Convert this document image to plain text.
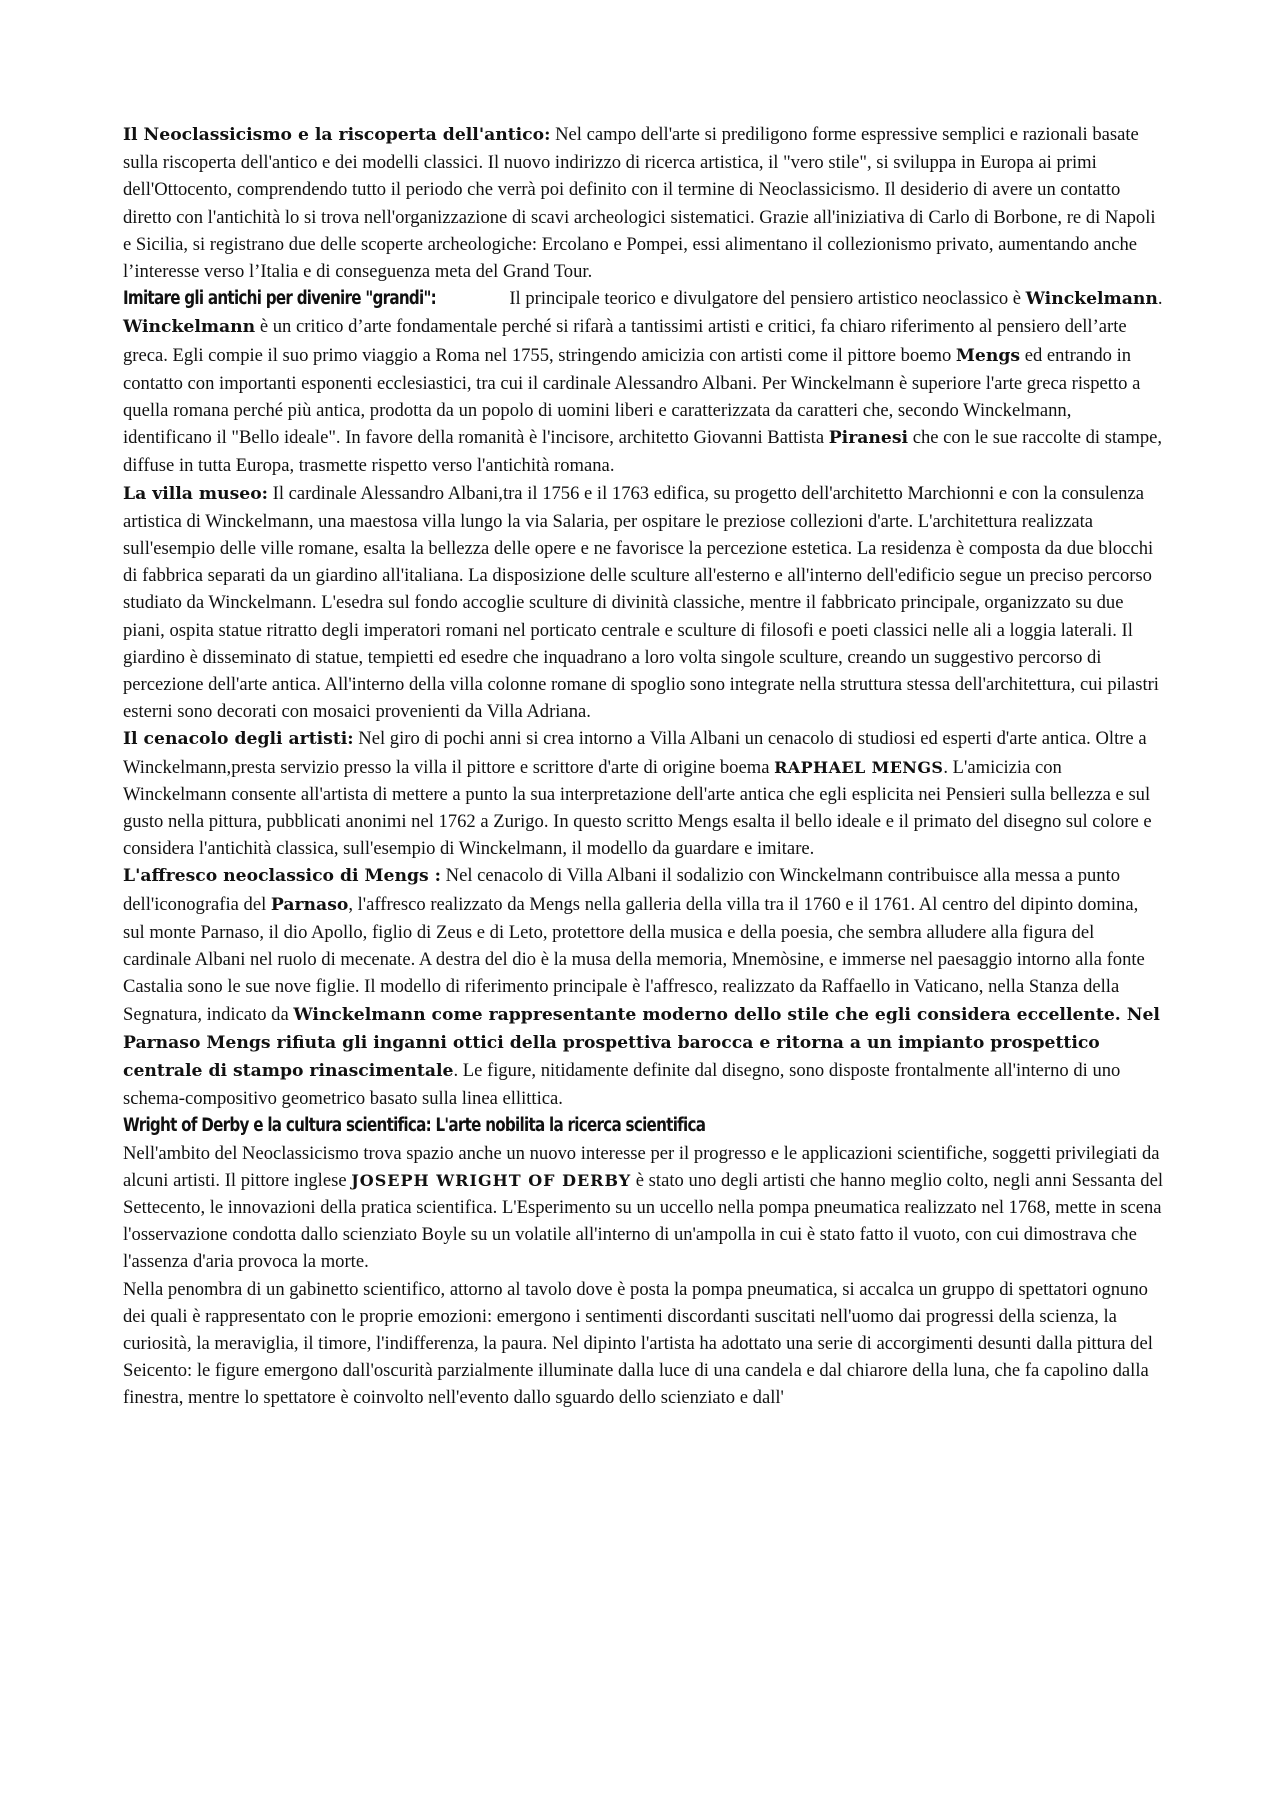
Il Neoclassicismo e la riscoperta dell'antico: Nel campo dell'arte si prediligono forme espressive semplici e razionali basate sulla riscoperta dell'antico e dei modelli classici. Il nuovo indirizzo di ricerca artistica, il "vero stile", si sviluppa in Europa ai primi dell'Ottocento, comprendendo tutto il periodo che verrà poi definito con il termine di Neoclassicismo. Il desiderio di avere un contatto diretto con l'antichità lo si trova nell'organizzazione di scavi archeologici sistematici. Grazie all'iniziativa di Carlo di Borbone, re di Napoli e Sicilia, si registrano due delle scoperte archeologiche: Ercolano e Pompei, essi alimentano il collezionismo privato, aumentando anche l’interesse verso l’Italia e di conseguenza meta del Grand Tour.

Imitare gli antichi per divenire "grandi":	Il principale teorico e divulgatore del pensiero artistico neoclassico è Winckelmann. Winckelmann è un critico d’arte fondamentale perché si rifarà a tantissimi artisti e critici, fa chiaro riferimento al pensiero dell’arte greca. Egli compie il suo primo viaggio a Roma nel 1755, stringendo amicizia con artisti come il pittore boemo Mengs ed entrando in contatto con importanti esponenti ecclesiastici, tra cui il cardinale Alessandro Albani. Per Winckelmann è superiore l'arte greca rispetto a quella romana perché più antica, prodotta da un popolo di uomini liberi e caratterizzata da caratteri che, secondo Winckelmann, identificano il "Bello ideale". In favore della romanità è l'incisore, architetto Giovanni Battista Piranesi che con le sue raccolte di stampe, diffuse in tutta Europa, trasmette rispetto verso l'antichità romana.

La villa museo: Il cardinale Alessandro Albani,tra il 1756 e il 1763 edifica, su progetto dell'architetto Marchionni e con la consulenza artistica di Winckelmann, una maestosa villa lungo la via Salaria, per ospitare le preziose collezioni d'arte. L'architettura realizzata sull'esempio delle ville romane, esalta la bellezza delle opere e ne favorisce la percezione estetica. La residenza è composta da due blocchi di fabbrica separati da un giardino all'italiana. La disposizione delle sculture all'esterno e all'interno dell'edificio segue un preciso percorso studiato da Winckelmann. L'esedra sul fondo accoglie sculture di divinità classiche, mentre il fabbricato principale, organizzato su due piani, ospita statue ritratto degli imperatori romani nel porticato centrale e sculture di filosofi e poeti classici nelle ali a loggia laterali. Il giardino è disseminato di statue, tempietti ed esedre che inquadrano a loro volta singole sculture, creando un suggestivo percorso di percezione dell'arte antica. All'interno della villa colonne romane di spoglio sono integrate nella struttura stessa dell'architettura, cui pilastri esterni sono decorati con mosaici provenienti da Villa Adriana.

Il cenacolo degli artisti: Nel giro di pochi anni si crea intorno a Villa Albani un cenacolo di studiosi ed esperti d'arte antica. Oltre a Winckelmann,presta servizio presso la villa il pittore e scrittore d'arte di origine boema RAPHAEL MENGS. L'amicizia con Winckelmann consente all'artista di mettere a punto la sua interpretazione dell'arte antica che egli esplicita nei Pensieri sulla bellezza e sul gusto nella pittura, pubblicati anonimi nel 1762 a Zurigo. In questo scritto Mengs esalta il bello ideale e il primato del disegno sul colore e considera l'antichità classica, sull'esempio di Winckelmann, il modello da guardare e imitare.

L'affresco neoclassico di Mengs : Nel cenacolo di Villa Albani il sodalizio con Winckelmann contribuisce alla messa a punto dell'iconografia del Parnaso, l'affresco realizzato da Mengs nella galleria della villa tra il 1760 e il 1761. Al centro del dipinto domina, sul monte Parnaso, il dio Apollo, figlio di Zeus e di Leto, protettore della musica e della poesia, che sembra alludere alla figura del cardinale Albani nel ruolo di mecenate. A destra del dio è la musa della memoria, Mnemòsine, e immerse nel paesaggio intorno alla fonte Castalia sono le sue nove figlie. Il modello di riferimento principale è l'affresco, realizzato da Raffaello in Vaticano, nella Stanza della Segnatura, indicato da Winckelmann come rappresentante moderno dello stile che egli considera eccellente. Nel Parnaso Mengs rifiuta gli inganni ottici della prospettiva barocca e ritorna a un impianto prospettico centrale di stampo rinascimentale. Le figure, nitidamente definite dal disegno, sono disposte frontalmente all'interno di uno schema-compositivo geometrico basato sulla linea ellittica.

Wright of Derby e la cultura scientifica: L'arte nobilita la ricerca scientifica

Nell'ambito del Neoclassicismo trova spazio anche un nuovo interesse per il progresso e le applicazioni scientifiche, soggetti privilegiati da alcuni artisti. Il pittore inglese JOSEPH WRIGHT OF DERBY è stato uno degli artisti che hanno meglio colto, negli anni Sessanta del Settecento, le innovazioni della pratica scientifica. L'Esperimento su un uccello nella pompa pneumatica realizzato nel 1768, mette in scena l'osservazione condotta dallo scienziato Boyle su un volatile all'interno di un'ampolla in cui è stato fatto il vuoto, con cui dimostrava che l'assenza d'aria provoca la morte.

Nella penombra di un gabinetto scientifico, attorno al tavolo dove è posta la pompa pneumatica, si accalca un gruppo di spettatori ognuno dei quali è rappresentato con le proprie emozioni: emergono i sentimenti discordanti suscitati nell'uomo dai progressi della scienza, la curiosità, la meraviglia, il timore, l'indifferenza, la paura. Nel dipinto l'artista ha adottato una serie di accorgimenti desunti dalla pittura del Seicento: le figure emergono dall'oscurità parzialmente illuminate dalla luce di una candela e dal chiarore della luna, che fa capolino dalla finestra, mentre lo spettatore è coinvolto nell'evento dallo sguardo dello scienziato e dall'
